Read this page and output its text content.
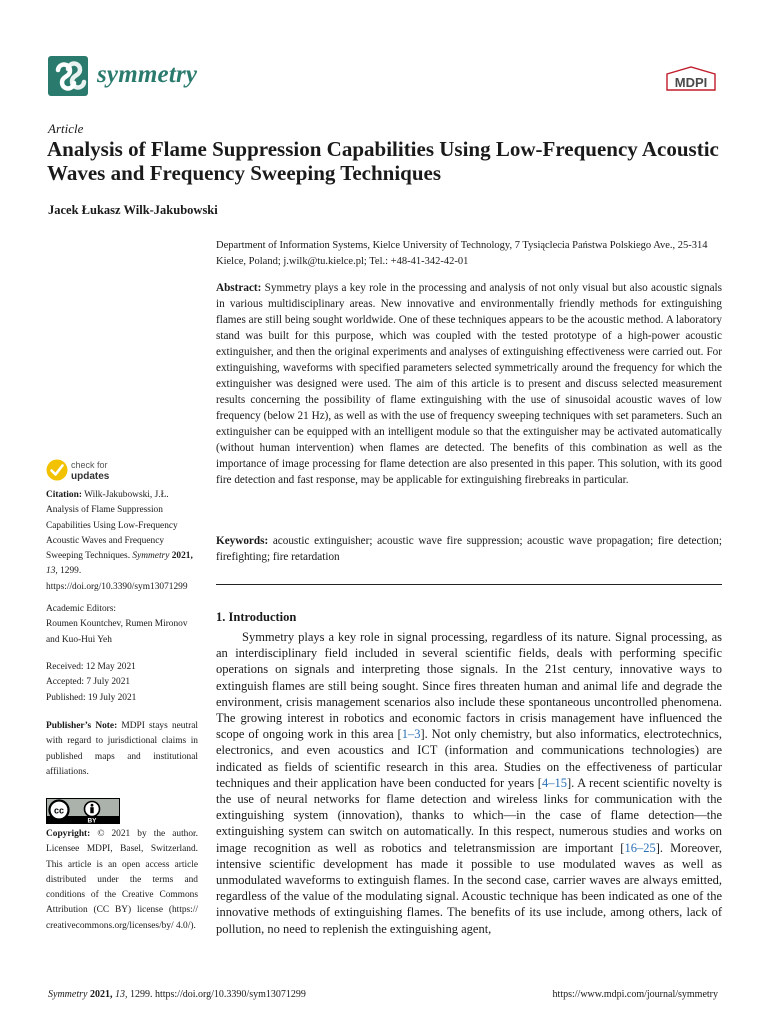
symmetry	MDPI
Article
Analysis of Flame Suppression Capabilities Using Low-Frequency Acoustic Waves and Frequency Sweeping Techniques
Jacek Łukasz Wilk-Jakubowski

Department of Information Systems, Kielce University of Technology, 7 Tysiąclecia Państwa Polskiego Ave., 25-314 Kielce, Poland; j.wilk@tu.kielce.pl; Tel.: +48-41-342-42-01

Abstract: Symmetry plays a key role in the processing and analysis of not only visual but also acoustic signals in various multidisciplinary areas. New innovative and environmentally friendly methods for extinguishing flames are still being sought worldwide. One of these techniques appears to be the acoustic method. A laboratory stand was built for this purpose, which was coupled with the tested prototype of a high-power acoustic extinguisher, and then the original experiments and analyses of extinguishing effectiveness were carried out. For extinguishing, waveforms with specified parameters selected symmetrically around the frequency for which the extinguisher was designed were used. The aim of this article is to present and discuss selected measurement results concerning the possibility of flame extinguishing with the use of sinusoidal acoustic waves of low frequency (below 21 Hz), as well as with the use of frequency sweeping techniques with set parameters. Such an extinguisher can be equipped with an intelligent module so that the extinguisher may be activated automatically (without human intervention) when flames are detected. The benefits of this combination as well as the importance of image processing for flame detection are also presented in this paper. This solution, with its good fire detection and fast response, may be applicable for extinguishing firebreaks in particular.

Keywords: acoustic extinguisher; acoustic wave fire suppression; acoustic wave propagation; fire detection; firefighting; fire retardation

check for
updates

Citation: Wilk-Jakubowski, J.Ł. Analysis of Flame Suppression Capabilities Using Low-Frequency Acoustic Waves and Frequency Sweeping Techniques. Symmetry 2021, 13, 1299. https://doi.org/10.3390/sym13071299

Academic Editors:
Roumen Kountchev, Rumen Mironov and Kuo-Hui Yeh

Received: 12 May 2021
Accepted: 7 July 2021
Published: 19 July 2021

Publisher’s Note: MDPI stays neutral with regard to jurisdictional claims in published maps and institutional affiliations.

cc
BY

Copyright: © 2021 by the author. Licensee MDPI, Basel, Switzerland. This article is an open access article distributed under the terms and conditions of the Creative Commons Attribution (CC BY) license (https:// creativecommons.org/licenses/by/ 4.0/).

1. Introduction

Symmetry plays a key role in signal processing, regardless of its nature. Signal processing, as an interdisciplinary field included in several scientific fields, deals with performing specific operations on signals and interpreting those signals. In the 21st century, innovative ways to extinguish flames are still being sought. Since fires threaten human and animal life and degrade the environment, crisis management scenarios also include these spontaneous uncontrolled phenomena. The growing interest in robotics and economic factors in crisis management have influenced the scope of ongoing work in this area [1–3]. Not only chemistry, but also informatics, electrotechnics, electronics, and even acoustics and ICT (information and communications technologies) are indicated as fields of scientific research in this area. Studies on the effectiveness of particular techniques and their application have been conducted for years [4–15]. A recent scientific novelty is the use of neural networks for flame detection and wireless links for communication with the extinguishing system (innovation), thanks to which—in the case of flame detection—the extinguishing system can switch on automatically. In this respect, numerous studies and works on image recognition as well as robotics and teletransmission are important [16–25]. Moreover, intensive scientific development has made it possible to use modulated waves as well as unmodulated waveforms to extinguish flames. In the second case, carrier waves are always emitted, regardless of the value of the modulating signal. Acoustic technique has been indicated as one of the innovative methods of extinguishing flames. The benefits of its use include, among others, lack of pollution, no need to replenish the extinguishing agent,

Symmetry 2021, 13, 1299. https://doi.org/10.3390/sym13071299	https://www.mdpi.com/journal/symmetry
